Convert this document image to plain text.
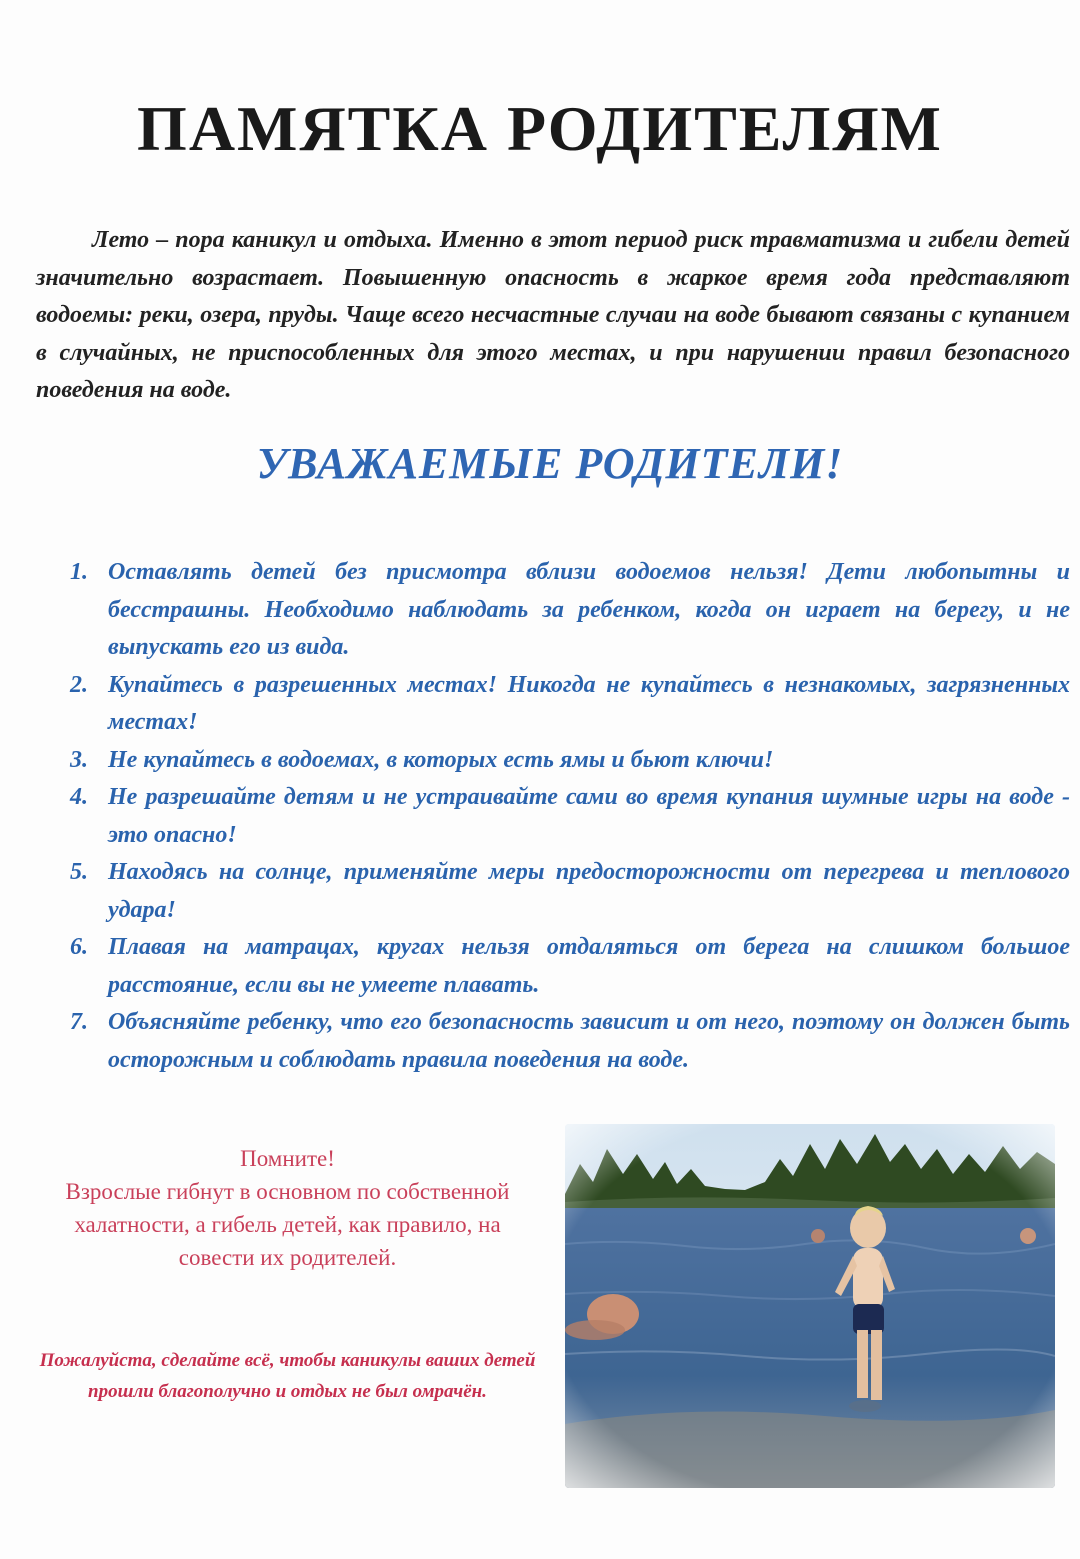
ПАМЯТКА РОДИТЕЛЯМ
Лето – пора каникул и отдыха. Именно в этот период риск травматизма и гибели детей значительно возрастает. Повышенную опасность в жаркое время года представляют водоемы: реки, озера, пруды. Чаще всего несчастные случаи на воде бывают связаны с купанием в случайных, не приспособленных для этого местах, и при нарушении правил безопасного поведения на воде.
УВАЖАЕМЫЕ РОДИТЕЛИ!
1. Оставлять детей без присмотра вблизи водоемов нельзя! Дети любопытны и бесстрашны. Необходимо наблюдать за ребенком, когда он играет на берегу, и не выпускать его из вида.
2. Купайтесь в разрешенных местах! Никогда не купайтесь в незнакомых, загрязненных местах!
3. Не купайтесь в водоемах, в которых есть ямы и бьют ключи!
4. Не разрешайте детям и не устраивайте сами во время купания шумные игры на воде - это опасно!
5. Находясь на солнце, применяйте меры предосторожности от перегрева и теплового удара!
6. Плавая на матрацах, кругах нельзя отдаляться от берега на слишком большое расстояние, если вы не умеете плавать.
7. Объясняйте ребенку, что его безопасность зависит и от него, поэтому он должен быть осторожным и соблюдать правила поведения на воде.
Помните!
Взрослые гибнут в основном по собственной халатности, а гибель детей, как правило, на совести их родителей.
Пожалуйста, сделайте всё, чтобы каникулы ваших детей прошли благополучно и отдых не был омрачён.
